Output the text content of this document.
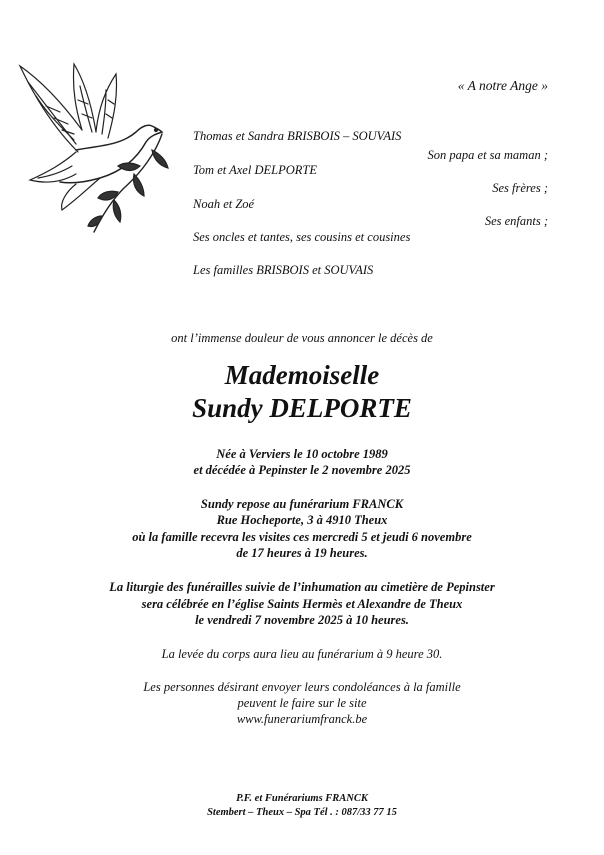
« A notre Ange »
Thomas et Sandra BRISBOIS – SOUVAIS
Son papa et sa maman ;
Tom et Axel DELPORTE
Ses frères ;
Noah et Zoé
Ses enfants ;
Ses oncles et tantes, ses cousins et cousines
Les familles BRISBOIS et SOUVAIS
ont l’immense douleur de vous annoncer le décès de
Mademoiselle
Sundy DELPORTE
Née à Verviers le 10 octobre 1989
et décédée à Pepinster le 2 novembre 2025
Sundy repose au funérarium FRANCK
Rue Hocheporte, 3 à 4910 Theux
où la famille recevra les visites ces mercredi 5 et jeudi 6 novembre
de 17 heures à 19 heures.
La liturgie des funérailles suivie de l’inhumation au cimetière de Pepinster
sera célébrée en l’église Saints Hermès et Alexandre de Theux
le vendredi 7 novembre 2025 à 10 heures.
La levée du corps aura lieu au funérarium à 9 heure 30.
Les personnes désirant envoyer leurs condoléances à la famille
peuvent le faire sur le site
www.funerariumfranck.be
P.F. et Funérariums FRANCK
Stembert – Theux – Spa Tél . : 087/33 77 15
